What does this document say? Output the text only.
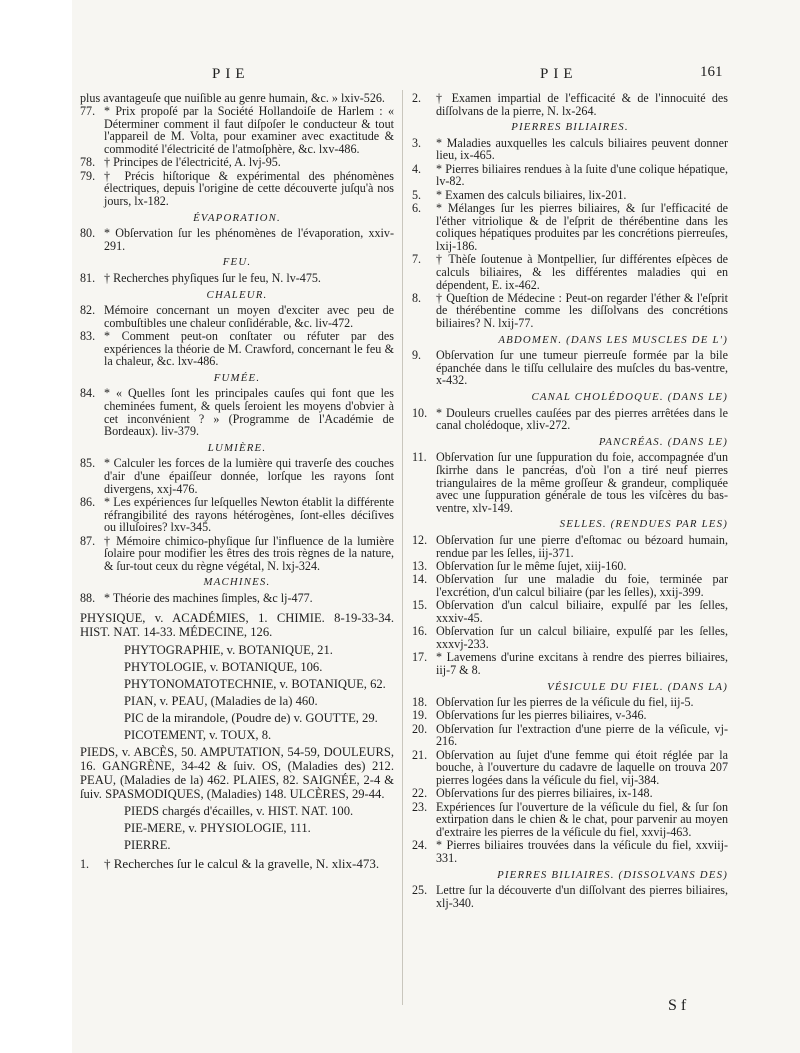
PIE	PIE	161

plus avantageuſe que nuiſible au genre humain, &c. » lxiv-526.

77. * Prix propoſé par la Société Hollandoiſe de Harlem : « Déterminer comment il faut diſpoſer le conducteur & tout l'appareil de M. Volta, pour examiner avec exactitude & commodité l'électricité de l'atmoſphère, &c. lxv-486.
78. † Principes de l'électricité, A. lvj-95.
79. † Précis hiſtorique & expérimental des phénomènes électriques, depuis l'origine de cette découverte juſqu'à nos jours, lx-182.
ÉVAPORATION.
80. * Obſervation ſur les phénomènes de l'évaporation, xxiv-291.
FEU.
81. † Recherches phyſiques ſur le feu, N. lv-475.
CHALEUR.
82. Mémoire concernant un moyen d'exciter avec peu de combuſtibles une chaleur conſidérable, &c. liv-472.
83. * Comment peut-on conſtater ou réfuter par des expériences la théorie de M. Crawford, concernant le feu & la chaleur, &c. lxv-486.
FUMÉE.
84. * « Quelles ſont les principales cauſes qui font que les cheminées fument, & quels ſeroient les moyens d'obvier à cet inconvénient ? » (Programme de l'Académie de Bordeaux). liv-379.
LUMIÈRE.
85. * Calculer les forces de la lumière qui traverſe des couches d'air d'une épaiſſeur donnée, lorſque les rayons ſont divergens, xxj-476.
86. * Les expériences ſur leſquelles Newton établit la différente réfrangibilité des rayons hétérogènes, ſont-elles déciſives ou illuſoires? lxv-345.
87. † Mémoire chimico-phyſique ſur l'influence de la lumière ſolaire pour modifier les êtres des trois règnes de la nature, & ſur-tout ceux du règne végétal, N. lxj-324.
MACHINES.
88. * Théorie des machines ſimples, &c lj-477.

PHYSIQUE, v. ACADÉMIES, 1. CHIMIE. 8-19-33-34. HIST. NAT. 14-33. MÉDECINE, 126.

PHYTOGRAPHIE, v. BOTANIQUE, 21.

PHYTOLOGIE, v. BOTANIQUE, 106.

PHYTONOMATOTECHNIE, v. BOTANIQUE, 62.

PIAN, v. PEAU, (Maladies de la) 460.

PIC de la mirandole, (Poudre de) v. GOUTTE, 29.

PICOTEMENT, v. TOUX, 8.

PIEDS, v. ABCÈS, 50. AMPUTATION, 54-59, DOULEURS, 16. GANGRÈNE, 34-42 & ſuiv. OS, (Maladies des) 212. PEAU, (Maladies de la) 462. PLAIES, 82. SAIGNÉE, 2-4 & ſuiv. SPASMODIQUES, (Maladies) 148. ULCÈRES, 29-44.

PIEDS chargés d'écailles, v. HIST. NAT. 100.

PIE-MERE, v. PHYSIOLOGIE, 111.

PIERRE.

1.	† Recherches ſur le calcul & la gravelle, N. xlix-473.
2.	† Examen impartial de l'efficacité & de l'innocuité des diſſolvans de la pierre, N. lx-264.
PIERRES BILIAIRES.
3.	* Maladies auxquelles les calculs biliaires peuvent donner lieu, ix-465.
4.	* Pierres biliaires rendues à la ſuite d'une colique hépatique, lv-82.
5.	* Examen des calculs biliaires, lix-201.
6.	* Mélanges ſur les pierres biliaires, & ſur l'efficacité de l'éther vitriolique & de l'eſprit de thérébentine dans les coliques hépatiques produites par les concrétions pierreuſes, lxij-186.
7.	† Thèſe ſoutenue à Montpellier, ſur différentes eſpèces de calculs biliaires, & les différentes maladies qui en dépendent, E. ix-462.
8.	† Queſtion de Médecine : Peut-on regarder l'éther & l'eſprit de thérébentine comme les diſſolvans des concrétions biliaires? N. lxij-77.
ABDOMEN. (DANS LES MUSCLES DE L')
9.	Obſervation ſur une tumeur pierreuſe formée par la bile épanchée dans le tiſſu cellulaire des muſcles du bas-ventre, x-432.
CANAL CHOLÉDOQUE. (DANS LE)
10. * Douleurs cruelles cauſées par des pierres arrêtées dans le canal cholédoque, xliv-272.
PANCRÉAS. (DANS LE)
11. Obſervation ſur une ſuppuration du foie, accompagnée d'un ſkirrhe dans le pancréas, d'où l'on a tiré neuf pierres triangulaires de la même groſſeur & grandeur, compliquée avec une ſuppuration générale de tous les viſcères du bas-ventre, xlv-149.
SELLES. (RENDUES PAR LES)
12. Obſervation ſur une pierre d'eſtomac ou bézoard humain, rendue par les ſelles, iij-371.
13. Obſervation ſur le même ſujet, xiij-160.
14. Obſervation ſur une maladie du foie, terminée par l'excrétion, d'un calcul biliaire (par les ſelles), xxij-399.
15. Obſervation d'un calcul biliaire, expulſé par les ſelles, xxxiv-45.
16. Obſervation ſur un calcul biliaire, expulſé par les ſelles, xxxvj-233.
17. * Lavemens d'urine excitans à rendre des pierres biliaires, iij-7 & 8.
VÉSICULE DU FIEL. (DANS LA)
18. Obſervation ſur les pierres de la véſicule du fiel, iij-5.
19. Obſervations ſur les pierres biliaires, v-346.
20. Obſervation ſur l'extraction d'une pierre de la véſicule, vj-216.
21. Obſervation au ſujet d'une femme qui étoit réglée par la bouche, à l'ouverture du cadavre de laquelle on trouva 207 pierres logées dans la véſicule du fiel, vij-384.
22. Obſervations ſur des pierres biliaires, ix-148.
23. Expériences ſur l'ouverture de la véſicule du fiel, & ſur ſon extirpation dans le chien & le chat, pour parvenir au moyen d'extraire les pierres de la véſicule du fiel, xxvij-463.
24. * Pierres biliaires trouvées dans la véſicule du fiel, xxviij-331.
PIERRES BILIAIRES. (DISSOLVANS DES)
25. Lettre ſur la découverte d'un diſſolvant des pierres biliaires, xlj-340.
S f
